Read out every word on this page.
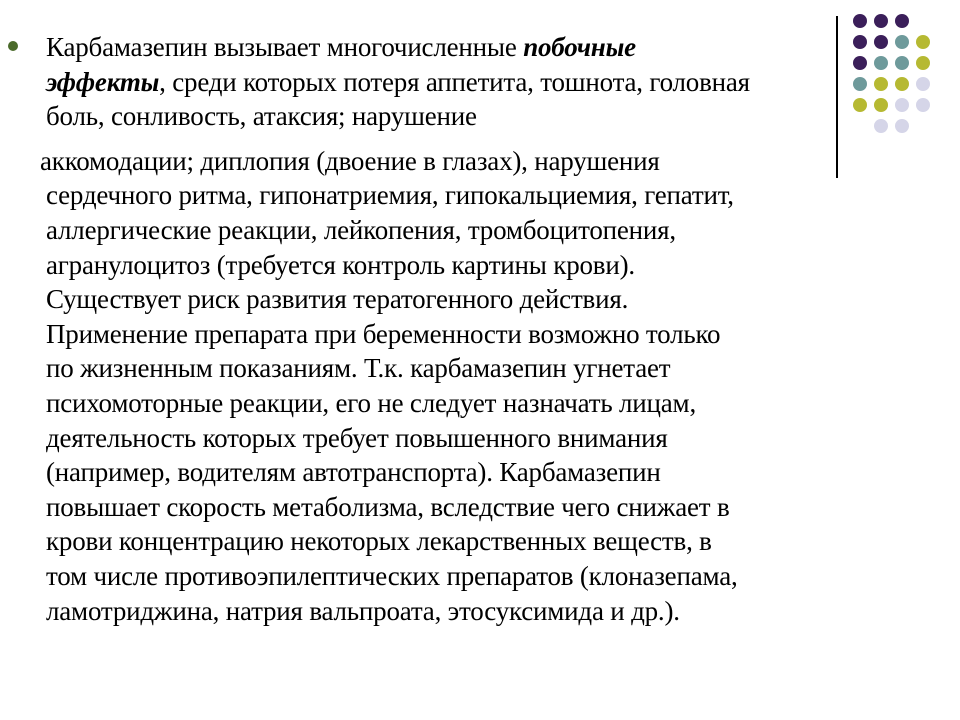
Карбамазепин вызывает многочисленные побочные

эффекты, среди которых потеря аппетита, тошнота, головная

боль, сонливость, атаксия; нарушение

аккомодации; диплопия (двоение в глазах), нарушения

сердечного ритма, гипонатриемия, гипокальциемия, гепатит,

аллергические реакции, лейкопения, тромбоцитопения,

агранулоцитоз (требуется контроль картины крови).

Существует риск развития тератогенного действия.

Применение препарата при беременности возможно только

по жизненным показаниям. Т.к. карбамазепин угнетает

психомоторные реакции, его не следует назначать лицам,

деятельность которых требует повышенного внимания

(например, водителям автотранспорта). Карбамазепин

повышает скорость метаболизма, вследствие чего снижает в

крови концентрацию некоторых лекарственных веществ, в

том числе противоэпилептических препаратов (клоназепама,

ламотриджина, натрия вальпроата, этосуксимида и др.).
